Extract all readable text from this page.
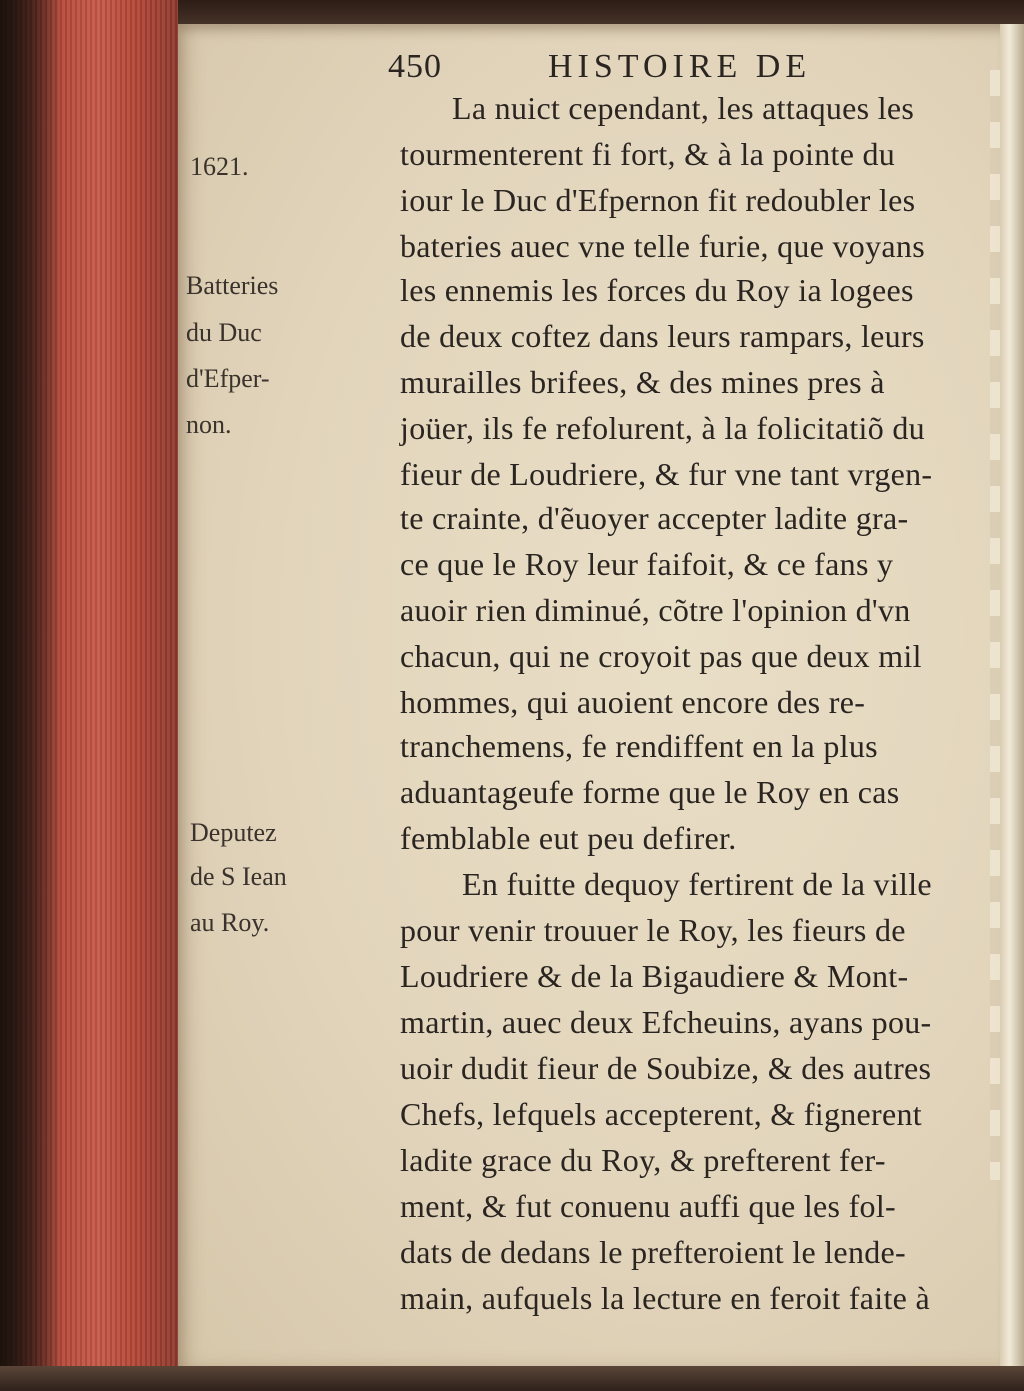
450	HISTOIRE DE
1621.
Batteries
du Duc
d'Efper-
non.
Deputez
de S Iean
au Roy.
La nuict cependant, les attaques les
tourmenterent fi fort, & à la pointe du
iour le Duc d'Efpernon fit redoubler les
bateries auec vne telle furie, que voyans
les ennemis les forces du Roy ia logees
de deux coftez dans leurs rampars, leurs
murailles brifees, & des mines pres à
joüer, ils fe refolurent, à la folicitatiõ du
fieur de Loudriere, & fur vne tant vrgen-
te crainte, d'ẽuoyer accepter ladite gra-
ce que le Roy leur faifoit, & ce fans y
auoir rien diminué, cõtre l'opinion d'vn
chacun, qui ne croyoit pas que deux mil
hommes, qui auoient encore des re-
tranchemens, fe rendiffent en la plus
aduantageufe forme que le Roy en cas
femblable eut peu defirer.
En fuitte dequoy fertirent de la ville
pour venir trouuer le Roy, les fieurs de
Loudriere & de la Bigaudiere & Mont-
martin, auec deux Efcheuins, ayans pou-
uoir dudit fieur de Soubize, & des autres
Chefs, lefquels accepterent, & fignerent
ladite grace du Roy, & prefterent fer-
ment, & fut conuenu auffi que les fol-
dats de dedans le prefteroient le lende-
main, aufquels la lecture en feroit faite à
